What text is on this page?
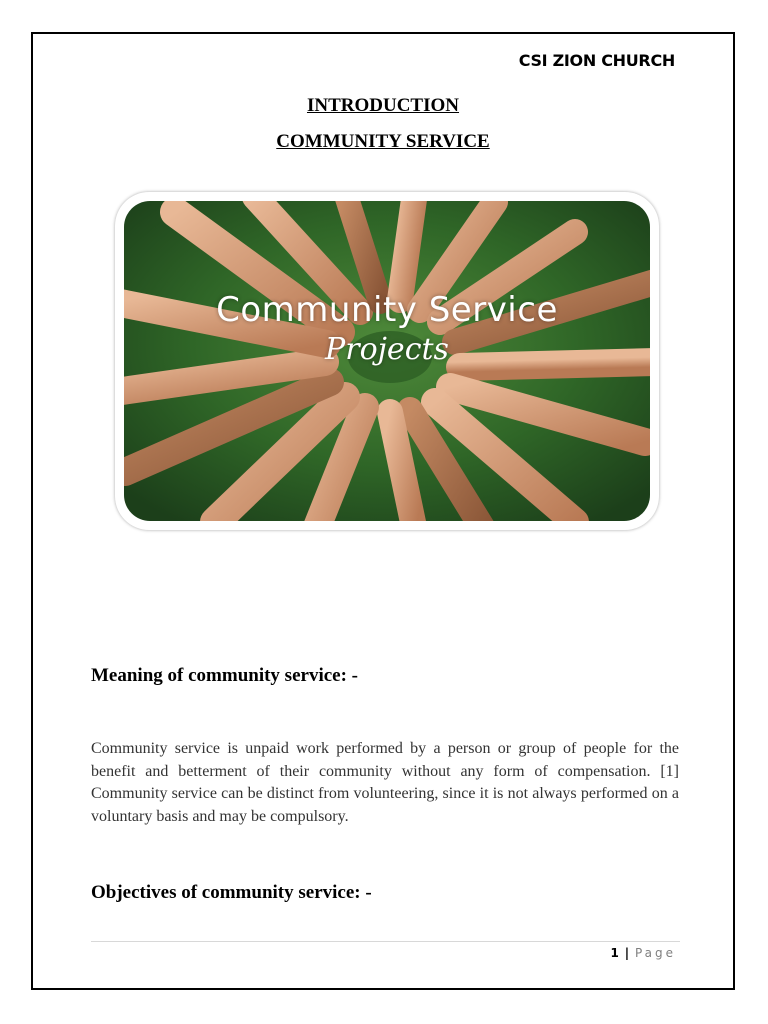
CSI ZION CHURCH
INTRODUCTION
COMMUNITY SERVICE
Community Service
Projects
Meaning of community service: -
Community service is unpaid work performed by a person or group of people for the benefit and betterment of their community without any form of compensation. [1] Community service can be distinct from volunteering, since it is not always performed on a voluntary basis and may be compulsory.
Objectives of community service: -
1 | Page
